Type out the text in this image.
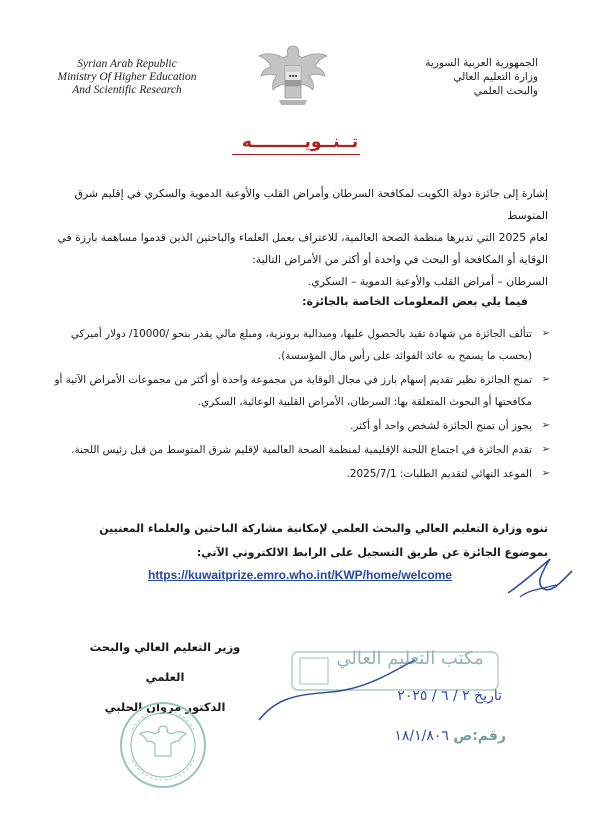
Syrian Arab Republic
Ministry Of Higher Education
And Scientific Research
الجمهورية العربية السورية
وزارة التعليم العالي
والبحث العلمي
تــنــويـــــــــه

إشارة إلى جائزة دولة الكويت لمكافحة السرطان وأمراض القلب والأوعية الدموية والسكري في إقليم شرق المتوسط

لعام 2025 التي تديرها منظمة الصحة العالمية، للاعتراف بعمل العلماء والباحثين الذين قدموا مساهمة بارزة في

الوقاية أو المكافحة أو البحث في واحدة أو أكثر من الأمراض التالية:

السرطان – أمراض القلب والأوعية الدموية – السكري.

فيما يلي بعض المعلومات الخاصة بالجائزة:
➢
تتألف الجائزة من شهادة تقيد بالحصول عليها، وميدالية برونزية، ومبلغ مالي يقدر بنحو /10000/ دولار أميركي (بحسب ما يسمح به عائد الفوائد على رأس مال المؤسسة).
➢
تمنح الجائزة نظير تقديم إسهام بارز في مجال الوقاية من مجموعة واحدة أو أكثر من مجموعات الأمراض الآتية أو مكافحتها أو البحوث المتعلقة بها: السرطان، الأمراض القلبية الوعائية، السكري.
➢
يجوز أن تمنح الجائزة لشخص واحد أو أكثر.
➢
تقدم الجائزة في اجتماع اللجنة الإقليمية لمنظمة الصحة العالمية لإقليم شرق المتوسط من قبل رئيس اللجنة.
➢
الموعد النهائي لتقديم الطلبات: 2025/7/1.
تنوه وزارة التعليم العالي والبحث العلمي لإمكانية مشاركة الباحثين والعلماء المعنيين بموضوع الجائزة عن طريق التسجيل على الرابط الالكتروني الآتي:
https://kuwaitprize.emro.who.int/KWP/home/welcome
وزير التعليم العالي والبحث العلمي
الدكتور مروان الحلبي
مكتب التعليم العالي
تاريخ ٢ / ٦ / ٢٠٢٥
رقم:ص ١٨/١/٨٠٦
